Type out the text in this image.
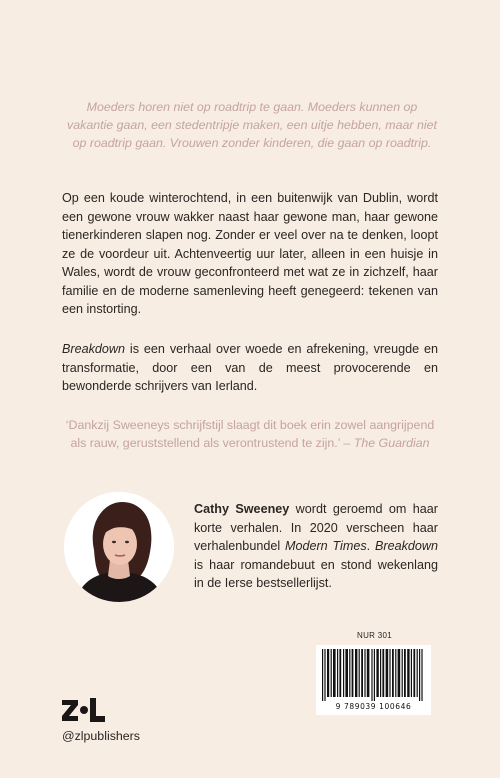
Moeders horen niet op roadtrip te gaan. Moeders kunnen op vakantie gaan, een stedentripje maken, een uitje hebben, maar niet op roadtrip gaan. Vrouwen zonder kinderen, die gaan op roadtrip.

Op een koude winterochtend, in een buitenwijk van Dublin, wordt een gewone vrouw wakker naast haar gewone man, haar gewone tienerkinderen slapen nog. Zonder er veel over na te denken, loopt ze de voordeur uit. Achtenveertig uur later, alleen in een huisje in Wales, wordt de vrouw geconfronteerd met wat ze in zichzelf, haar familie en de moderne samenleving heeft genegeerd: tekenen van een instorting.

Breakdown is een verhaal over woede en afrekening, vreugde en transformatie, door een van de meest provocerende en bewonderde schrijvers van Ierland.

‘Dankzij Sweeneys schrijfstijl slaagt dit boek erin zowel aangrijpend als rauw, geruststellend als verontrustend te zijn.’ – The Guardian

Cathy Sweeney wordt geroemd om haar korte verhalen. In 2020 verscheen haar verhalenbundel Modern Times. Breakdown is haar romandebuut en stond wekenlang in de Ierse bestsellerlijst.

NUR 301
9 789039 100646
@zlpublishers
